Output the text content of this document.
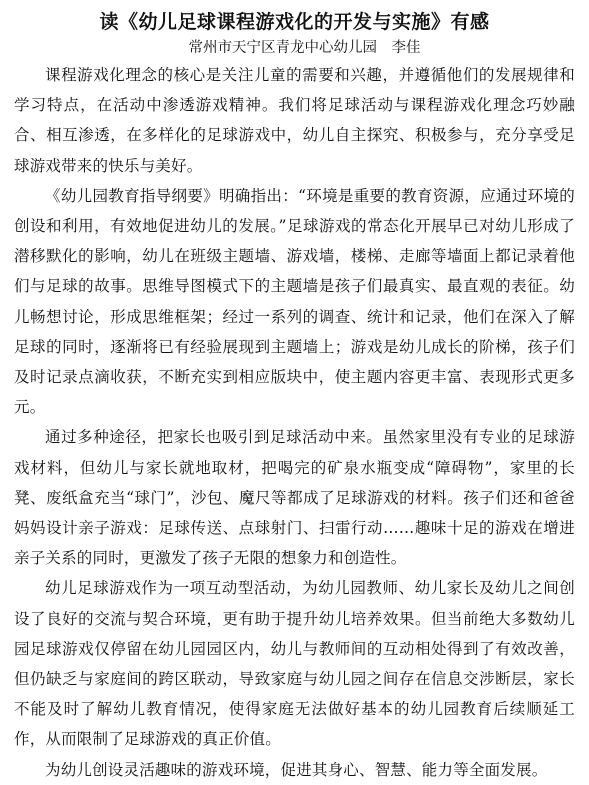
读《幼儿足球课程游戏化的开发与实施》有感

常州市天宁区青龙中心幼儿园　李佳

课程游戏化理念的核心是关注儿童的需要和兴趣，并遵循他们的发展规律和学习特点，在活动中渗透游戏精神。我们将足球活动与课程游戏化理念巧妙融合、相互渗透，在多样化的足球游戏中，幼儿自主探究、积极参与，充分享受足球游戏带来的快乐与美好。

《幼儿园教育指导纲要》明确指出：“环境是重要的教育资源，应通过环境的创设和利用，有效地促进幼儿的发展。”足球游戏的常态化开展早已对幼儿形成了潜移默化的影响，幼儿在班级主题墙、游戏墙，楼梯、走廊等墙面上都记录着他们与足球的故事。思维导图模式下的主题墙是孩子们最真实、最直观的表征。幼儿畅想讨论，形成思维框架；经过一系列的调查、统计和记录，他们在深入了解足球的同时，逐渐将已有经验展现到主题墙上；游戏是幼儿成长的阶梯，孩子们及时记录点滴收获，不断充实到相应版块中，使主题内容更丰富、表现形式更多元。

通过多种途径，把家长也吸引到足球活动中来。虽然家里没有专业的足球游戏材料，但幼儿与家长就地取材，把喝完的矿泉水瓶变成“障碍物”，家里的长凳、废纸盒充当“球门”，沙包、魔尺等都成了足球游戏的材料。孩子们还和爸爸妈妈设计亲子游戏：足球传送、点球射门、扫雷行动……趣味十足的游戏在增进亲子关系的同时，更激发了孩子无限的想象力和创造性。

幼儿足球游戏作为一项互动型活动，为幼儿园教师、幼儿家长及幼儿之间创设了良好的交流与契合环境，更有助于提升幼儿培养效果。但当前绝大多数幼儿园足球游戏仅停留在幼儿园园区内，幼儿与教师间的互动相处得到了有效改善，但仍缺乏与家庭间的跨区联动，导致家庭与幼儿园之间存在信息交涉断层，家长不能及时了解幼儿教育情况，使得家庭无法做好基本的幼儿园教育后续顺延工作，从而限制了足球游戏的真正价值。

为幼儿创设灵活趣味的游戏环境，促进其身心、智慧、能力等全面发展。
